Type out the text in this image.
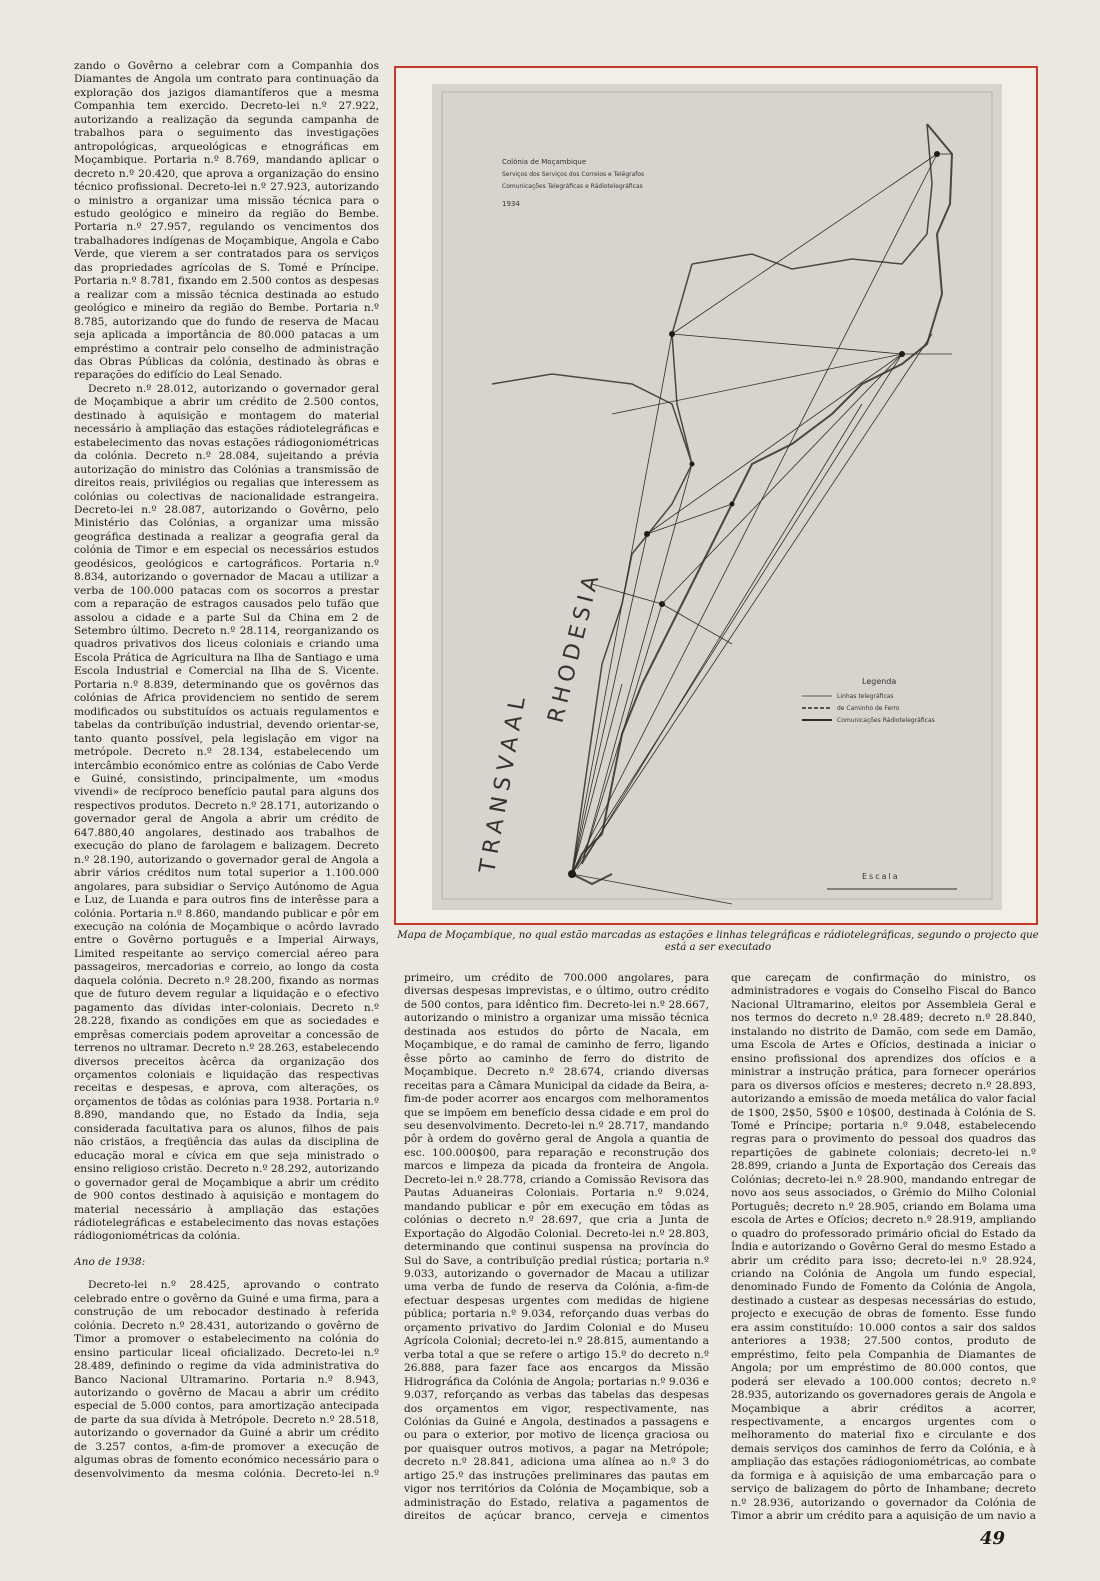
zando o Govêrno a celebrar com a Companhia dos Diamantes de Angola um contrato para continuação da exploração dos jazigos diamantíferos que a mesma Companhia tem exercido. Decreto-lei n.º 27.922, autorizando a realização da segunda campanha de trabalhos para o seguimento das investigações antropológicas, arqueológicas e etnográficas em Moçambique. Portaria n.º 8.769, mandando aplicar o decreto n.º 20.420, que aprova a organização do ensino técnico profissional. Decreto-lei n.º 27.923, autorizando o ministro a organizar uma missão técnica para o estudo geológico e mineiro da região do Bembe. Portaria n.º 27.957, regulando os vencimentos dos trabalhadores indígenas de Moçambique, Angola e Cabo Verde, que vierem a ser contratados para os serviços das propriedades agrícolas de S. Tomé e Príncipe. Portaria n.º 8.781, fixando em 2.500 contos as despesas a realizar com a missão técnica destinada ao estudo geológico e mineiro da região do Bembe. Portaria n.º 8.785, autorizando que do fundo de reserva de Macau seja aplicada a importância de 80.000 patacas a um empréstimo a contrair pelo conselho de administração das Obras Públicas da colónia, destinado às obras e reparações do edifício do Leal Senado.

Decreto n.º 28.012, autorizando o governador geral de Moçambique a abrir um crédito de 2.500 contos, destinado à aquisição e montagem do material necessário à ampliação das estações rádiotelegráficas e estabelecimento das novas estações rádiogoniométricas da colónia. Decreto n.º 28.084, sujeitando a prévia autorização do ministro das Colónias a transmissão de direitos reais, privilégios ou regalias que interessem as colónias ou colectivas de nacionalidade estrangeira. Decreto-lei n.º 28.087, autorizando o Govêrno, pelo Ministério das Colónias, a organizar uma missão geográfica destinada a realizar a geografia geral da colónia de Timor e em especial os necessários estudos geodésicos, geológicos e cartográficos. Portaria n.º 8.834, autorizando o governador de Macau a utilizar a verba de 100.000 patacas com os socorros a prestar com a reparação de estragos causados pelo tufão que assolou a cidade e a parte Sul da China em 2 de Setembro último. Decreto n.º 28.114, reorganizando os quadros privativos dos liceus coloniais e criando uma Escola Prática de Agricultura na Ilha de Santiago e uma Escola Industrial e Comercial na Ilha de S. Vicente. Portaria n.º 8.839, determinando que os govêrnos das colónias de Africa providenciem no sentido de serem modificados ou substituídos os actuais regulamentos e tabelas da contribuïção industrial, devendo orientar-se, tanto quanto possível, pela legislação em vigor na metrópole. Decreto n.º 28.134, estabelecendo um intercâmbio económico entre as colónias de Cabo Verde e Guiné, consistindo, principalmente, um «modus vivendi» de recíproco benefício pautal para alguns dos respectivos produtos. Decreto n.º 28.171, autorizando o governador geral de Angola a abrir um crédito de 647.880,40 angolares, destinado aos trabalhos de execução do plano de farolagem e balizagem. Decreto n.º 28.190, autorizando o governador geral de Angola a abrir vários créditos num total superior a 1.100.000 angolares, para subsidiar o Serviço Autónomo de Agua e Luz, de Luanda e para outros fins de interêsse para a colónia. Portaria n.º 8.860, mandando publicar e pôr em execução na colónia de Moçambique o acôrdo lavrado entre o Govêrno português e a Imperial Airways, Limited respeitante ao serviço comercial aéreo para passageiros, mercadorias e correio, ao longo da costa daquela colónia. Decreto n.º 28.200, fixando as normas que de futuro devem regular a liquidação e o efectivo pagamento das dívidas inter-coloniais. Decreto n.º 28.228, fixando as condições em que as sociedades e emprêsas comerciais podem aproveitar a concessão de terrenos no ultramar. Decreto n.º 28.263, estabelecendo diversos preceitos àcêrca da organização dos orçamentos coloniais e liquidação das respectivas receitas e despesas, e aprova, com alterações, os orçamentos de tôdas as colónias para 1938. Portaria n.º 8.890, mandando que, no Estado da Índia, seja considerada facultativa para os alunos, filhos de pais não cristãos, a freqüência das aulas da disciplina de educação moral e cívica em que seja ministrado o ensino religioso cristão. Decreto n.º 28.292, autorizando o governador geral de Moçambique a abrir um crédito de 900 contos destinado à aquisição e montagem do material necessário à ampliação das estações rádiotelegráficas e estabelecimento das novas estações rádiogoniométricas da colónia.

Ano de 1938:

Decreto-lei n.º 28.425, aprovando o contrato celebrado entre o govêrno da Guiné e uma firma, para a construção de um rebocador destinado à referida colónia. Decreto n.º 28.431, autorizando o govêrno de Timor a promover o estabelecimento na colónia do ensino particular liceal oficializado. Decreto-lei n.º 28.489, definindo o regime da vida administrativa do Banco Nacional Ultramarino. Portaria n.º 8.943, autorizando o govêrno de Macau a abrir um crédito especial de 5.000 contos, para amortização antecipada de parte da sua dívida à Metrópole. Decreto n.º 28.518, autorizando o governador da Guiné a abrir um crédito de 3.257 contos, a-fim-de promover a execução de algumas obras de fomento económico necessário para o desenvolvimento da mesma colónia. Decreto-lei n.º

Colónia de Moçambique
Serviços dos Serviços dos Correios e Telégrafos
Comunicações Telegráficas e Rádiotelegráficas
1934
RHODESIA
TRANSVAAL
Legenda
Linhas telegráficas
de Caminho de Ferro
Comunicações Rádiotelegráficas
Escala
Mapa de Moçambique, no qual estão marcadas as estações e linhas telegráficas e rádiotelegráficas, segundo o projecto que está a ser executado

primeiro, um crédito de 700.000 angolares, para diversas despesas imprevistas, e o último, outro crédito de 500 contos, para idêntico fim. Decreto-lei n.º 28.667, autorizando o ministro a organizar uma missão técnica destinada aos estudos do pôrto de Nacala, em Moçambique, e do ramal de caminho de ferro, ligando êsse pôrto ao caminho de ferro do distrito de Moçambique. Decreto n.º 28.674, criando diversas receitas para a Câmara Municipal da cidade da Beira, a-fim-de poder acorrer aos encargos com melhoramentos que se impõem em benefício dessa cidade e em prol do seu desenvolvimento. Decreto-lei n.º 28.717, mandando pôr à ordem do govêrno geral de Angola a quantia de esc. 100.000$00, para reparação e reconstrução dos marcos e limpeza da picada da fronteira de Angola. Decreto-lei n.º 28.778, criando a Comissão Revisora das Pautas Aduaneiras Coloniais. Portaria n.º 9.024, mandando publicar e pôr em execução em tôdas as colónias o decreto n.º 28.697, que cria a Junta de Exportação do Algodão Colonial. Decreto-lei n.º 28.803, determinando que continui suspensa na província do Sul do Save, a contribuïção predial rústica; portaria n.º 9.033, autorizando o governador de Macau a utilizar uma verba de fundo de reserva da Colónia, a-fim-de efectuar despesas urgentes com medidas de higiene pública; portaria n.º 9.034, reforçando duas verbas do orçamento privativo do Jardim Colonial e do Museu Agrícola Colonial; decreto-lei n.º 28.815, aumentando a verba total a que se refere o artigo 15.º do decreto n.º 26.888, para fazer face aos encargos da Missão Hidrográfica da Colónia de Angola; portarias n.º 9.036 e 9.037, reforçando as verbas das tabelas das despesas dos orçamentos em vigor, respectivamente, nas Colónias da Guiné e Angola, destinados a passagens e ou para o exterior, por motivo de licença graciosa ou por quaisquer outros motivos, a pagar na Metrópole; decreto n.º 28.841, adiciona uma alínea ao n.º 3 do artigo 25.º das instruções preliminares das pautas em vigor nos territórios da Colónia de Moçambique, sob a administração do Estado, relativa a pagamentos de direitos de açúcar branco, cerveja e cimentos

que careçam de confirmação do ministro, os administradores e vogais do Conselho Fiscal do Banco Nacional Ultramarino, eleitos por Assembleia Geral e nos termos do decreto n.º 28.489; decreto n.º 28.840, instalando no distrito de Damão, com sede em Damão, uma Escola de Artes e Ofícios, destinada a iniciar o ensino profissional dos aprendizes dos ofícios e a ministrar a instrução prática, para fornecer operários para os diversos ofícios e mesteres; decreto n.º 28.893, autorizando a emissão de moeda metálica do valor facial de 1$00, 2$50, 5$00 e 10$00, destinada à Colónia de S. Tomé e Príncipe; portaria n.º 9.048, estabelecendo regras para o provimento do pessoal dos quadros das repartições de gabinete coloniais; decreto-lei n.º 28.899, criando a Junta de Exportação dos Cereais das Colónias; decreto-lei n.º 28.900, mandando entregar de novo aos seus associados, o Grémio do Milho Colonial Português; decreto n.º 28.905, criando em Bolama uma escola de Artes e Ofícios; decreto n.º 28.919, ampliando o quadro do professorado primário oficial do Estado da Índia e autorizando o Govêrno Geral do mesmo Estado a abrir um crédito para isso; decreto-lei n.º 28.924, criando na Colónia de Angola um fundo especial, denominado Fundo de Fomento da Colónia de Angola, destinado a custear as despesas necessárias do estudo, projecto e execução de obras de fomento. Esse fundo era assim constituído: 10.000 contos a sair dos saldos anteriores a 1938; 27.500 contos, produto de empréstimo, feito pela Companhia de Diamantes de Angola; por um empréstimo de 80.000 contos, que poderá ser elevado a 100.000 contos; decreto n.º 28.935, autorizando os governadores gerais de Angola e Moçambique a abrir créditos a acorrer, respectivamente, a encargos urgentes com o melhoramento do material fixo e circulante e dos demais serviços dos caminhos de ferro da Colónia, e à ampliação das estações rádiogoniométricas, ao combate da formiga e à aquisição de uma embarcação para o serviço de balizagem do pôrto de Inhambane; decreto n.º 28.936, autorizando o governador da Colónia de Timor a abrir um crédito para a aquisição de um navio a

49
